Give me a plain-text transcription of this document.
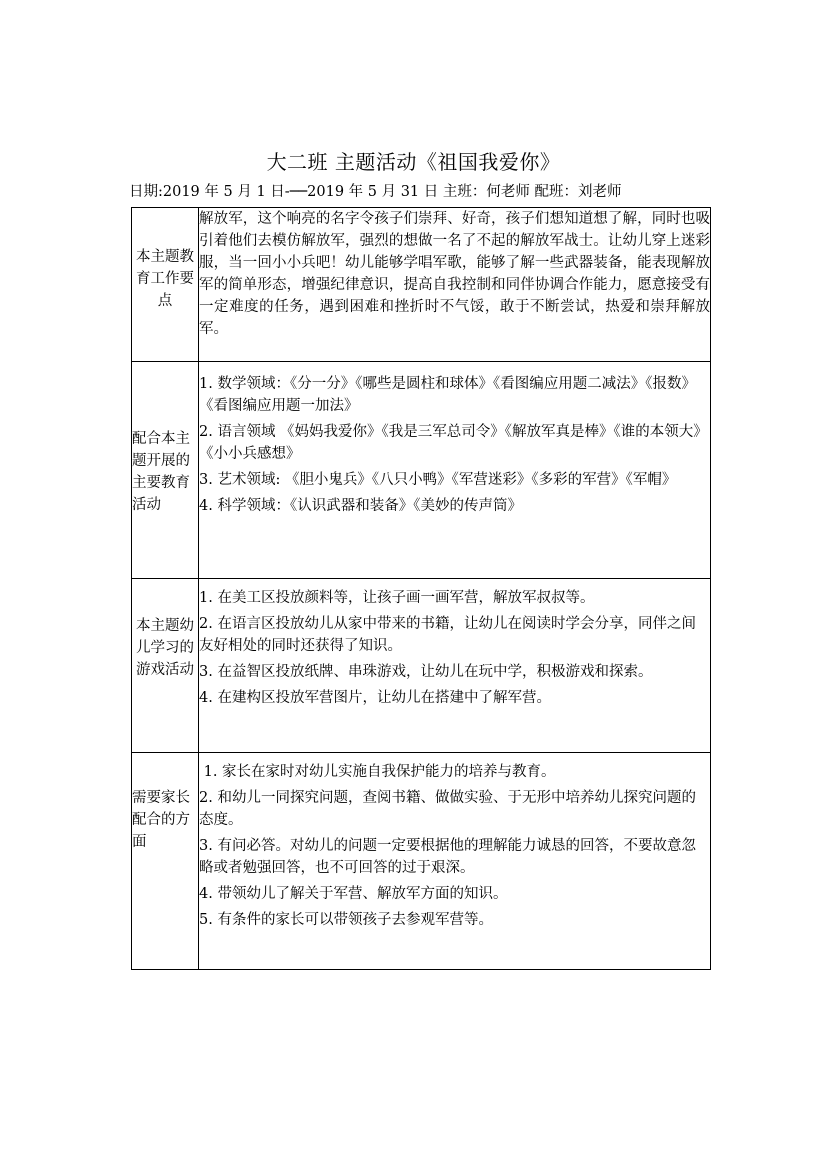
大二班 主题活动《祖国我爱你》
日期:2019 年 5 月 1 日-──2019 年 5 月 31 日 主班：何老师 配班：刘老师
本主题教育工作要点	解放军，这个响亮的名字令孩子们崇拜、好奇，孩子们想知道想了解，同时也吸引着他们去模仿解放军，强烈的想做一名了不起的解放军战士。让幼儿穿上迷彩服，当一回小小兵吧！幼儿能够学唱军歌，能够了解一些武器装备，能表现解放军的简单形态，增强纪律意识，提高自我控制和同伴协调合作能力，愿意接受有一定难度的任务，遇到困难和挫折时不气馁，敢于不断尝试，热爱和崇拜解放军。

配合本主题开展的主要教育活动	1. 数学领域：《分一分》《哪些是圆柱和球体》《看图编应用题二减法》《报数》《看图编应用题一加法》
2. 语言领域 《妈妈我爱你》《我是三军总司令》《解放军真是棒》《谁的本领大》《小小兵感想》
3. 艺术领域: 《胆小鬼兵》《八只小鸭》《军营迷彩》《多彩的军营》《军帽》
4. 科学领域：《认识武器和装备》《美妙的传声筒》

本主题幼儿学习的游戏活动	1. 在美工区投放颜料等，让孩子画一画军营，解放军叔叔等。
2. 在语言区投放幼儿从家中带来的书籍，让幼儿在阅读时学会分享，同伴之间友好相处的同时还获得了知识。
3. 在益智区投放纸牌、串珠游戏，让幼儿在玩中学，积极游戏和探索。
4. 在建构区投放军营图片，让幼儿在搭建中了解军营。

需要家长配合的方面	1. 家长在家时对幼儿实施自我保护能力的培养与教育。
2. 和幼儿一同探究问题，查阅书籍、做做实验、于无形中培养幼儿探究问题的态度。
3. 有问必答。对幼儿的问题一定要根据他的理解能力诚恳的回答，不要故意忽略或者勉强回答，也不可回答的过于艰深。
4. 带领幼儿了解关于军营、解放军方面的知识。
5. 有条件的家长可以带领孩子去参观军营等。
